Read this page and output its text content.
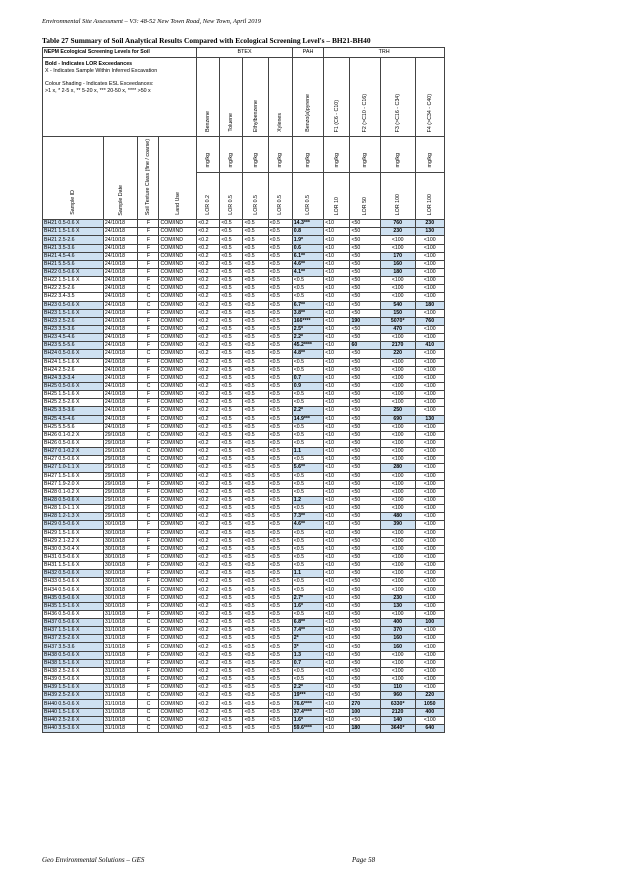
Environmental Site Assessment – V3: 48-52 New Town Road, New Town, April 2019
Table 27 Summary of Soil Analytical Results Compared with Ecological Screening Level's – BH21-BH40
NEPM Ecological Screening Levels for Soil				BTEX				PAH	TRH			

Bold - Indicates LOR Exceedances
X - Indicates Sample Within Inferred Excavation
Colour Shading - Indicates ESL Exceedances:
>1 x, * 2-5 x, ** 5-20 x, *** 20-50 x, **** >50 x				Benzene	Toluene	Ethylbenzene	Xylenes	Benzo(a)pyrene	F1 (C6 - C10)	F2 (>C10 - C16)	F3 (>C16 - C34)	F4 (>C34 - C40)
Sample ID	Sample Date	Soil Texture Class (fine / coarse)	Land Use	mg/kg	mg/kg	mg/kg	mg/kg	mg/kg	mg/kg	mg/kg	mg/kg	mg/kg
				LOR 0.2	LOR 0.5	LOR 0.5	LOR 0.5	LOR 0.5	LOR 10	LOR 50	LOR 100	LOR 100
BH21 0.5-0.6 X	24/10/18	F	COM/IND	<0.2	<0.5	<0.5	<0.5	14.3***	<10	<50	760	230
BH21 1.5-1.6 X	24/10/18	F	COM/IND	<0.2	<0.5	<0.5	<0.5	0.8	<10	<50	230	130
BH21 2.5-2.6	24/10/18	F	COM/IND	<0.2	<0.5	<0.5	<0.5	1.9*	<10	<50	<100	<100
BH21 3.5-3.6	24/10/18	F	COM/IND	<0.2	<0.5	<0.5	<0.5	0.6	<10	<50	<100	<100
BH21 4.5-4.6	24/10/18	F	COM/IND	<0.2	<0.5	<0.5	<0.5	6.1**	<10	<50	170	<100
BH21 5.5-5.6	24/10/18	F	COM/IND	<0.2	<0.5	<0.5	<0.5	4.6**	<10	<50	160	<100
BH22 0.5-0.6 X	24/10/18	F	COM/IND	<0.2	<0.5	<0.5	<0.5	4.1**	<10	<50	180	<100
BH22 1.5-1.6 X	24/10/18	F	COM/IND	<0.2	<0.5	<0.5	<0.5	<0.5	<10	<50	<100	<100
BH22 2.5-2.6	24/10/18	C	COM/IND	<0.2	<0.5	<0.5	<0.5	<0.5	<10	<50	<100	<100
BH22 3.4-3.5	24/10/18	C	COM/IND	<0.2	<0.5	<0.5	<0.5	<0.5	<10	<50	<100	<100
BH23 0.5-0.6 X	24/10/18	C	COM/IND	<0.2	<0.5	<0.5	<0.5	6.7**	<10	<50	540	180
BH23 1.5-1.6 X	24/10/18	F	COM/IND	<0.2	<0.5	<0.5	<0.5	3.8**	<10	<50	150	<100
BH23 2.5-2.6	24/10/18	F	COM/IND	<0.2	<0.5	<0.5	<0.5	166****	<10	190	5070*	760
BH23 3.5-3.6	24/10/18	F	COM/IND	<0.2	<0.5	<0.5	<0.5	2.5*	<10	<50	470	<100
BH23 4.5-4.6	24/10/18	F	COM/IND	<0.2	<0.5	<0.5	<0.5	2.2*	<10	<50	<100	<100
BH23 5.5-5.6	24/10/18	F	COM/IND	<0.2	<0.5	<0.5	<0.5	45.2****	<10	60	2170	410
BH24 0.5-0.6 X	24/10/18	C	COM/IND	<0.2	<0.5	<0.5	<0.5	4.8**	<10	<50	220	<100
BH24 1.5-1.6 X	24/10/18	F	COM/IND	<0.2	<0.5	<0.5	<0.5	<0.5	<10	<50	<100	<100
BH24 2.5-2.6	24/10/18	F	COM/IND	<0.2	<0.5	<0.5	<0.5	<0.5	<10	<50	<100	<100
BH24 3.3-3.4	24/10/18	F	COM/IND	<0.2	<0.5	<0.5	<0.5	0.7	<10	<50	<100	<100
BH25 0.5-0.6 X	24/10/18	C	COM/IND	<0.2	<0.5	<0.5	<0.5	0.9	<10	<50	<100	<100
BH25 1.5-1.6 X	24/10/18	F	COM/IND	<0.2	<0.5	<0.5	<0.5	<0.5	<10	<50	<100	<100
BH25 2.5-2.6 X	24/10/18	F	COM/IND	<0.2	<0.5	<0.5	<0.5	<0.5	<10	<50	<100	<100
BH25 3.5-3.6	24/10/18	F	COM/IND	<0.2	<0.5	<0.5	<0.5	2.2*	<10	<50	250	<100
BH25 4.5-4.6	24/10/18	F	COM/IND	<0.2	<0.5	<0.5	<0.5	14.9***	<10	<50	690	130
BH25 5.5-5.6	24/10/18	F	COM/IND	<0.2	<0.5	<0.5	<0.5	<0.5	<10	<50	<100	<100
BH26 0.1-0.2 X	29/10/18	C	COM/IND	<0.2	<0.5	<0.5	<0.5	<0.5	<10	<50	<100	<100
BH26 0.5-0.6 X	29/10/18	F	COM/IND	<0.2	<0.5	<0.5	<0.5	<0.5	<10	<50	<100	<100
BH27 0.1-0.2 X	29/10/18	C	COM/IND	<0.2	<0.5	<0.5	<0.5	1.1	<10	<50	<100	<100
BH27 0.5-0.6 X	29/10/18	C	COM/IND	<0.2	<0.5	<0.5	<0.5	<0.5	<10	<50	<100	<100
BH27 1.0-1.1 X	29/10/18	C	COM/IND	<0.2	<0.5	<0.5	<0.5	5.6**	<10	<50	280	<100
BH27 1.5-1.6 X	29/10/18	F	COM/IND	<0.2	<0.5	<0.5	<0.5	<0.5	<10	<50	<100	<100
BH27 1.9-2.0 X	29/10/18	F	COM/IND	<0.2	<0.5	<0.5	<0.5	<0.5	<10	<50	<100	<100
BH28 0.1-0.2 X	29/10/18	F	COM/IND	<0.2	<0.5	<0.5	<0.5	<0.5	<10	<50	<100	<100
BH28 0.5-0.6 X	29/10/18	F	COM/IND	<0.2	<0.5	<0.5	<0.5	1.2	<10	<50	<100	<100
BH28 1.0-1.1 X	29/10/18	F	COM/IND	<0.2	<0.5	<0.5	<0.5	<0.5	<10	<50	<100	<100
BH28 1.2-1.3 X	29/10/18	C	COM/IND	<0.2	<0.5	<0.5	<0.5	7.3**	<10	<50	480	<100
BH29 0.5-0.6 X	30/10/18	F	COM/IND	<0.2	<0.5	<0.5	<0.5	4.6**	<10	<50	390	<100
BH29 1.5-1.6 X	30/10/18	F	COM/IND	<0.2	<0.5	<0.5	<0.5	<0.5	<10	<50	<100	<100
BH29 2.1-2.2 X	30/10/18	F	COM/IND	<0.2	<0.5	<0.5	<0.5	<0.5	<10	<50	<100	<100
BH30 0.3-0.4 X	30/10/18	F	COM/IND	<0.2	<0.5	<0.5	<0.5	<0.5	<10	<50	<100	<100
BH31 0.5-0.6 X	30/10/18	F	COM/IND	<0.2	<0.5	<0.5	<0.5	<0.5	<10	<50	<100	<100
BH31 1.5-1.6 X	30/10/18	F	COM/IND	<0.2	<0.5	<0.5	<0.5	<0.5	<10	<50	<100	<100
BH32 0.5-0.6 X	30/10/18	F	COM/IND	<0.2	<0.5	<0.5	<0.5	1.1	<10	<50	<100	<100
BH33 0.5-0.6 X	30/10/18	F	COM/IND	<0.2	<0.5	<0.5	<0.5	<0.5	<10	<50	<100	<100
BH34 0.5-0.6 X	30/10/18	F	COM/IND	<0.2	<0.5	<0.5	<0.5	<0.5	<10	<50	<100	<100
BH35 0.5-0.6 X	30/10/18	F	COM/IND	<0.2	<0.5	<0.5	<0.5	2.7*	<10	<50	230	<100
BH35 1.5-1.6 X	30/10/18	F	COM/IND	<0.2	<0.5	<0.5	<0.5	1.6*	<10	<50	130	<100
BH36 0.5-0.6 X	31/10/18	F	COM/IND	<0.2	<0.5	<0.5	<0.5	<0.5	<10	<50	<100	<100
BH37 0.5-0.6 X	31/10/18	C	COM/IND	<0.2	<0.5	<0.5	<0.5	6.8**	<10	<50	400	100
BH37 1.5-1.6 X	31/10/18	F	COM/IND	<0.2	<0.5	<0.5	<0.5	7.4**	<10	<50	370	<100
BH37 2.5-2.6 X	31/10/18	F	COM/IND	<0.2	<0.5	<0.5	<0.5	2*	<10	<50	160	<100
BH37 3.5-3.6	31/10/18	F	COM/IND	<0.2	<0.5	<0.5	<0.5	3*	<10	<50	160	<100
BH38 0.5-0.6 X	31/10/18	F	COM/IND	<0.2	<0.5	<0.5	<0.5	1.3	<10	<50	<100	<100
BH38 1.5-1.6 X	31/10/18	F	COM/IND	<0.2	<0.5	<0.5	<0.5	0.7	<10	<50	<100	<100
BH38 2.5-2.6 X	31/10/18	F	COM/IND	<0.2	<0.5	<0.5	<0.5	<0.5	<10	<50	<100	<100
BH39 0.5-0.6 X	31/10/18	F	COM/IND	<0.2	<0.5	<0.5	<0.5	<0.5	<10	<50	<100	<100
BH39 1.5-1.6 X	31/10/18	F	COM/IND	<0.2	<0.5	<0.5	<0.5	2.2*	<10	<50	110	<100
BH39 2.5-2.6 X	31/10/18	C	COM/IND	<0.2	<0.5	<0.5	<0.5	19***	<10	<50	960	220
BH40 0.5-0.6 X	31/10/18	C	COM/IND	<0.2	<0.5	<0.5	<0.5	76.6****	<10	270	6330*	1050
BH40 1.5-1.6 X	31/10/18	C	COM/IND	<0.2	<0.5	<0.5	<0.5	37.4****	<10	100	2120	400
BH40 2.5-2.6 X	31/10/18	C	COM/IND	<0.2	<0.5	<0.5	<0.5	1.6*	<10	<50	140	<100
BH40 3.5-3.6 X	31/10/18	C	COM/IND	<0.2	<0.5	<0.5	<0.5	59.6****	<10	180	3640*	640
Geo Environmental Solutions – GES	Page 58
